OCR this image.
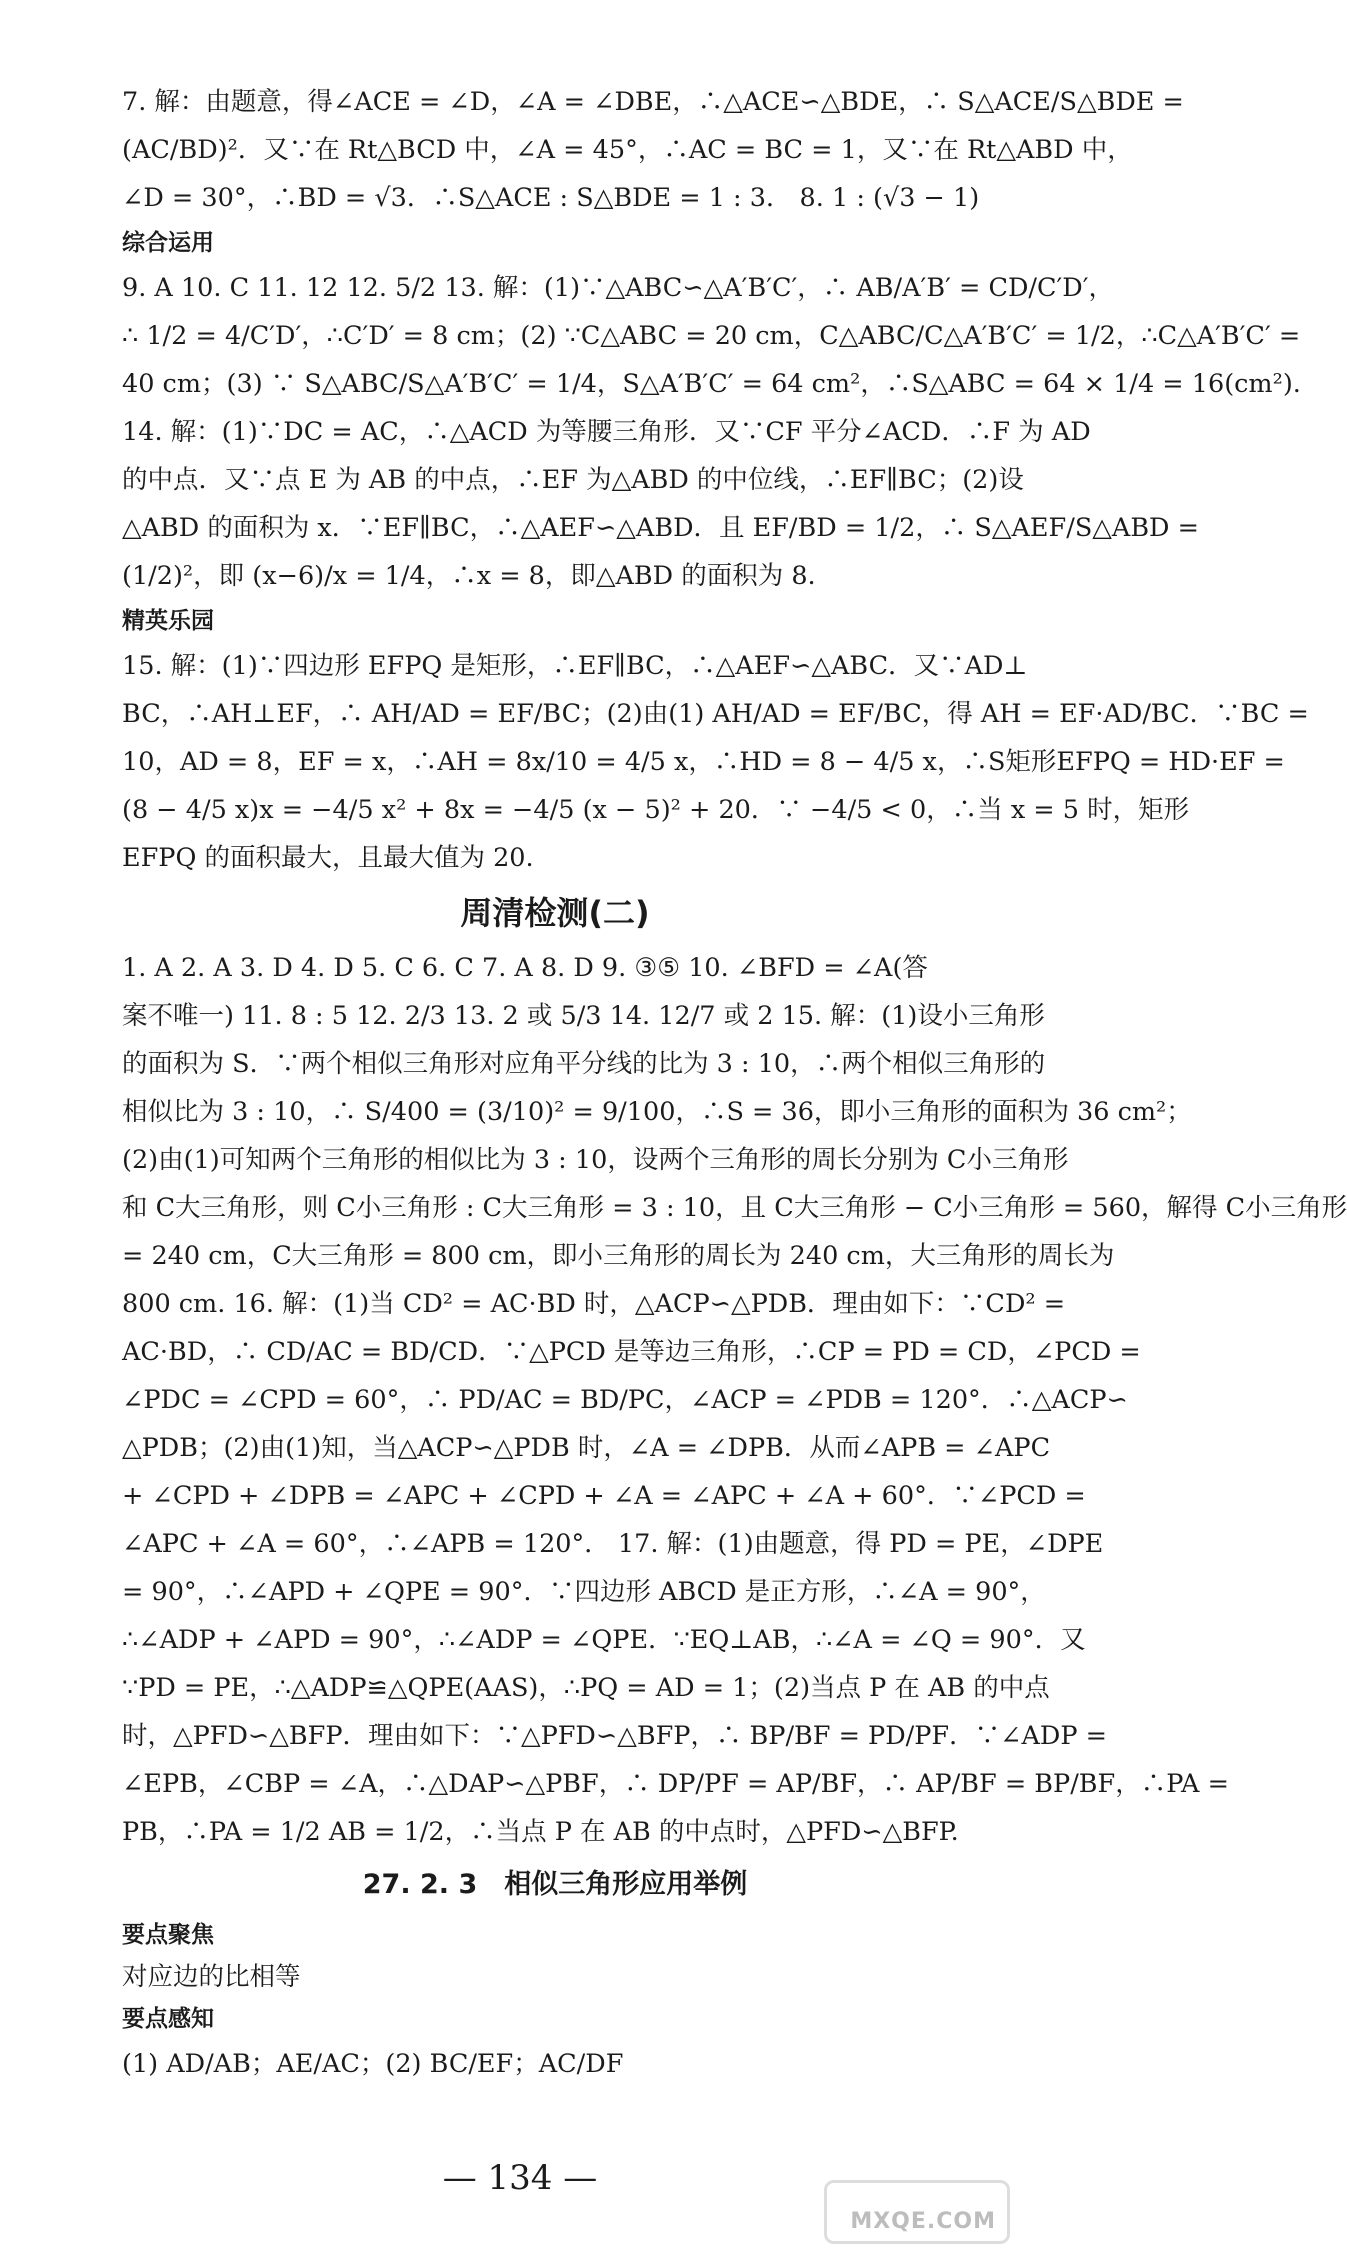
7. 解：由题意，得∠ACE = ∠D，∠A = ∠DBE，∴△ACE∽△BDE，∴ S△ACE/S△BDE =
(AC/BD)²．又∵在 Rt△BCD 中，∠A = 45°，∴AC = BC = 1，又∵在 Rt△ABD 中，
∠D = 30°，∴BD = √3．∴S△ACE : S△BDE = 1 : 3． 8. 1 : (√3 − 1)
综合运用
9. A 10. C 11. 12 12. 5/2 13. 解：(1)∵△ABC∽△A′B′C′，∴ AB/A′B′ = CD/C′D′，
∴ 1/2 = 4/C′D′，∴C′D′ = 8 cm；(2) ∵C△ABC = 20 cm，C△ABC/C△A′B′C′ = 1/2，∴C△A′B′C′ =
40 cm；(3) ∵ S△ABC/S△A′B′C′ = 1/4，S△A′B′C′ = 64 cm²，∴S△ABC = 64 × 1/4 = 16(cm²).
14. 解：(1)∵DC = AC，∴△ACD 为等腰三角形．又∵CF 平分∠ACD．∴F 为 AD
的中点．又∵点 E 为 AB 的中点，∴EF 为△ABD 的中位线，∴EF∥BC；(2)设
△ABD 的面积为 x．∵EF∥BC，∴△AEF∽△ABD．且 EF/BD = 1/2，∴ S△AEF/S△ABD =
(1/2)²，即 (x−6)/x = 1/4，∴x = 8，即△ABD 的面积为 8.
精英乐园
15. 解：(1)∵四边形 EFPQ 是矩形，∴EF∥BC，∴△AEF∽△ABC．又∵AD⊥
BC，∴AH⊥EF，∴ AH/AD = EF/BC；(2)由(1) AH/AD = EF/BC，得 AH = EF·AD/BC．∵BC =
10，AD = 8，EF = x，∴AH = 8x/10 = 4/5 x，∴HD = 8 − 4/5 x，∴S矩形EFPQ = HD·EF =
(8 − 4/5 x)x = −4/5 x² + 8x = −4/5 (x − 5)² + 20．∵ −4/5 < 0，∴当 x = 5 时，矩形
EFPQ 的面积最大，且最大值为 20.
周清检测(二)
1. A 2. A 3. D 4. D 5. C 6. C 7. A 8. D 9. ③⑤ 10. ∠BFD = ∠A(答
案不唯一) 11. 8 : 5 12. 2/3 13. 2 或 5/3 14. 12/7 或 2 15. 解：(1)设小三角形
的面积为 S．∵两个相似三角形对应角平分线的比为 3 : 10，∴两个相似三角形的
相似比为 3 : 10，∴ S/400 = (3/10)² = 9/100，∴S = 36，即小三角形的面积为 36 cm²；
(2)由(1)可知两个三角形的相似比为 3 : 10，设两个三角形的周长分别为 C小三角形
和 C大三角形，则 C小三角形 : C大三角形 = 3 : 10，且 C大三角形 − C小三角形 = 560，解得 C小三角形
= 240 cm，C大三角形 = 800 cm，即小三角形的周长为 240 cm，大三角形的周长为
800 cm. 16. 解：(1)当 CD² = AC·BD 时，△ACP∽△PDB．理由如下：∵CD² =
AC·BD，∴ CD/AC = BD/CD．∵△PCD 是等边三角形，∴CP = PD = CD，∠PCD =
∠PDC = ∠CPD = 60°，∴ PD/AC = BD/PC，∠ACP = ∠PDB = 120°．∴△ACP∽
△PDB；(2)由(1)知，当△ACP∽△PDB 时，∠A = ∠DPB．从而∠APB = ∠APC
+ ∠CPD + ∠DPB = ∠APC + ∠CPD + ∠A = ∠APC + ∠A + 60°．∵∠PCD =
∠APC + ∠A = 60°，∴∠APB = 120°． 17. 解：(1)由题意，得 PD = PE，∠DPE
= 90°，∴∠APD + ∠QPE = 90°．∵四边形 ABCD 是正方形，∴∠A = 90°，
∴∠ADP + ∠APD = 90°，∴∠ADP = ∠QPE．∵EQ⊥AB，∴∠A = ∠Q = 90°．又
∵PD = PE，∴△ADP≌△QPE(AAS)，∴PQ = AD = 1；(2)当点 P 在 AB 的中点
时，△PFD∽△BFP．理由如下：∵△PFD∽△BFP，∴ BP/BF = PD/PF．∵∠ADP =
∠EPB，∠CBP = ∠A，∴△DAP∽△PBF，∴ DP/PF = AP/BF，∴ AP/BF = BP/BF，∴PA =
PB，∴PA = 1/2 AB = 1/2，∴当点 P 在 AB 的中点时，△PFD∽△BFP.
27. 2. 3　相似三角形应用举例
要点聚焦
对应边的比相等
要点感知
(1) AD/AB；AE/AC；(2) BC/EF；AC/DF
— 134 —
MXQE.COM
